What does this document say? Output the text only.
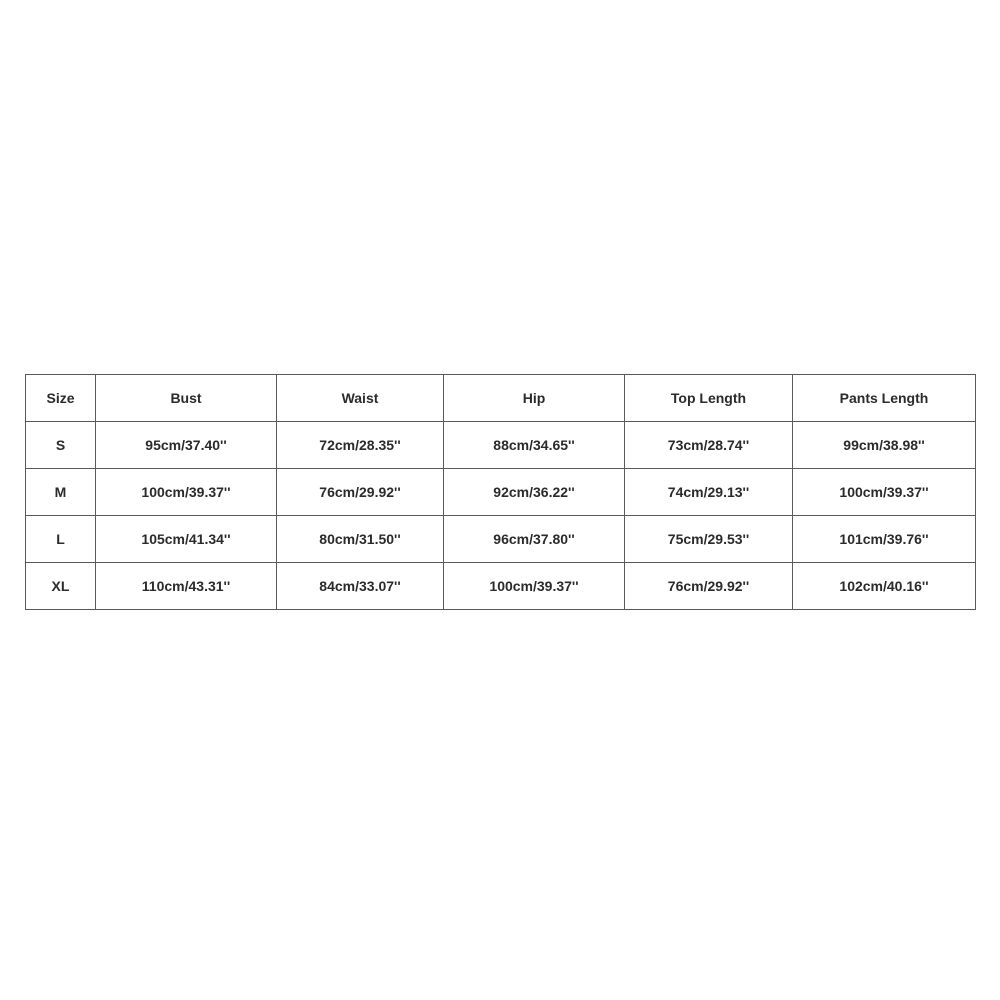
Size	Bust	Waist	Hip	Top Length	Pants Length
S	95cm/37.40''	72cm/28.35''	88cm/34.65''	73cm/28.74''	99cm/38.98''
M	100cm/39.37''	76cm/29.92''	92cm/36.22''	74cm/29.13''	100cm/39.37''
L	105cm/41.34''	80cm/31.50''	96cm/37.80''	75cm/29.53''	101cm/39.76''
XL	110cm/43.31''	84cm/33.07''	100cm/39.37''	76cm/29.92''	102cm/40.16''
